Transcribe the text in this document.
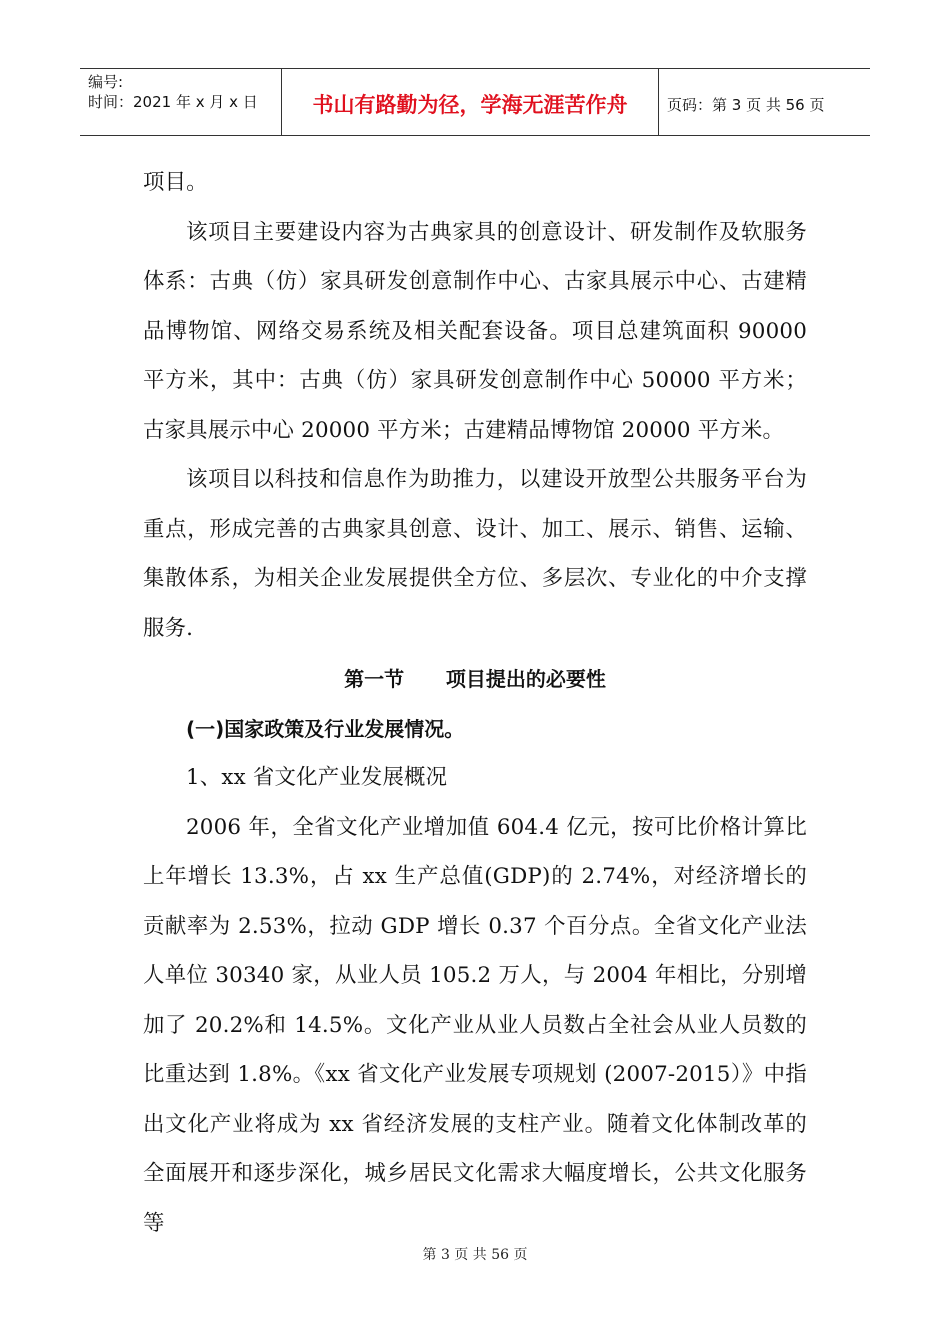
编号:
时间：2021 年 x 月 x 日	书山有路勤为径，学海无涯苦作舟	页码：第 3 页 共 56 页

项目。

该项目主要建设内容为古典家具的创意设计、研发制作及软服务体系：古典（仿）家具研发创意制作中心、古家具展示中心、古建精品博物馆、网络交易系统及相关配套设备。项目总建筑面积 90000 平方米，其中：古典（仿）家具研发创意制作中心 50000 平方米；古家具展示中心 20000 平方米；古建精品博物馆 20000 平方米。

该项目以科技和信息作为助推力，以建设开放型公共服务平台为重点，形成完善的古典家具创意、设计、加工、展示、销售、运输、集散体系，为相关企业发展提供全方位、多层次、专业化的中介支撑服务.

第一节      项目提出的必要性

(一)国家政策及行业发展情况。

1、xx 省文化产业发展概况

2006 年，全省文化产业增加值 604.4 亿元，按可比价格计算比上年增长 13.3%，占 xx 生产总值(GDP)的 2.74%，对经济增长的贡献率为 2.53%，拉动 GDP 增长 0.37 个百分点。全省文化产业法人单位 30340 家，从业人员 105.2 万人，与 2004 年相比，分别增加了 20.2%和 14.5%。文化产业从业人员数占全社会从业人员数的比重达到 1.8%。《xx 省文化产业发展专项规划 (2007-2015）》中指出文化产业将成为 xx 省经济发展的支柱产业。随着文化体制改革的全面展开和逐步深化，城乡居民文化需求大幅度增长，公共文化服务等

第 3 页 共 56 页
